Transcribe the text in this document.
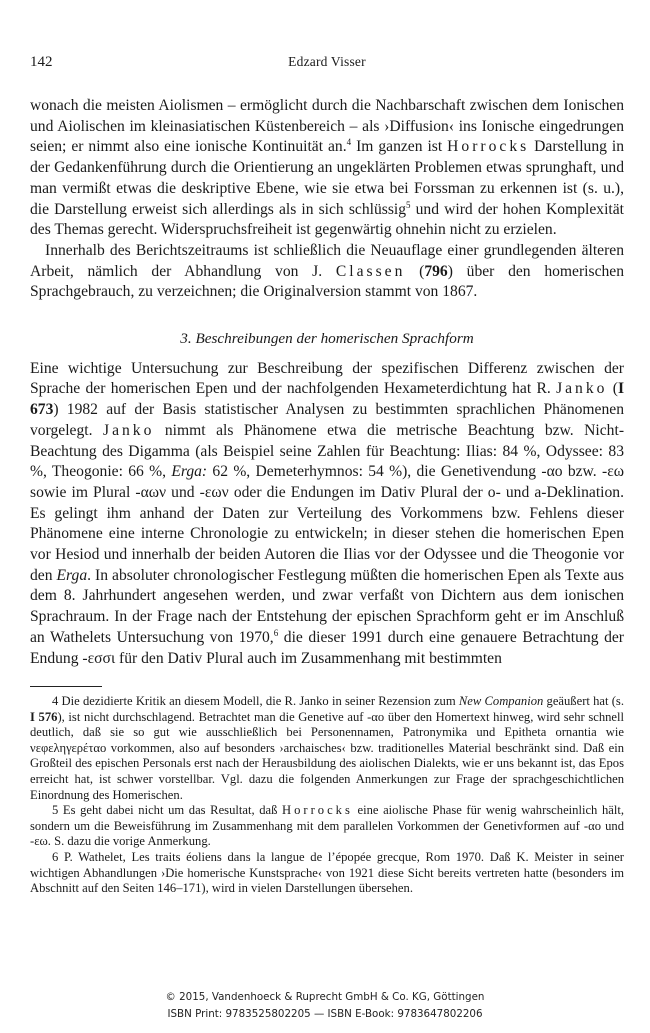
142	Edzard Visser

wonach die meisten Aiolismen – ermöglicht durch die Nachbarschaft zwischen dem Ionischen und Aiolischen im kleinasiatischen Küstenbereich – als ›Diffusion‹ ins Ionische eingedrungen seien; er nimmt also eine ionische Kontinuität an.$^4$ Im ganzen ist Horrocks Darstellung in der Gedankenführung durch die Orientierung an ungeklärten Problemen etwas sprunghaft, und man vermißt etwas die deskriptive Ebene, wie sie etwa bei Forssman zu erkennen ist (s. u.), die Darstellung erweist sich allerdings als in sich schlüssig$^5$ und wird der hohen Komplexität des Themas gerecht. Widerspruchsfreiheit ist gegenwärtig ohnehin nicht zu erzielen.

Innerhalb des Berichtszeitraums ist schließlich die Neuauflage einer grundlegenden älteren Arbeit, nämlich der Abhandlung von J. Classen (796) über den homerischen Sprachgebrauch, zu verzeichnen; die Originalversion stammt von 1867.

3. Beschreibungen der homerischen Sprachform

Eine wichtige Untersuchung zur Beschreibung der spezifischen Differenz zwischen der Sprache der homerischen Epen und der nachfolgenden Hexameterdichtung hat R. Janko (I 673) 1982 auf der Basis statistischer Analysen zu bestimmten sprachlichen Phänomenen vorgelegt. Janko nimmt als Phänomene etwa die metrische Beachtung bzw. Nicht-Beachtung des Digamma (als Beispiel seine Zahlen für Beachtung: Ilias: 84 %, Odyssee: 83 %, Theogonie: 66 %, Erga: 62 %, Demeterhymnos: 54 %), die Genetivendung -αο bzw. -εω sowie im Plural -αων und -εων oder die Endungen im Dativ Plural der o- und a-Deklination. Es gelingt ihm anhand der Daten zur Verteilung des Vorkommens bzw. Fehlens dieser Phänomene eine interne Chronologie zu entwickeln; in dieser stehen die homerischen Epen vor Hesiod und innerhalb der beiden Autoren die Ilias vor der Odyssee und die Theogonie vor den Erga. In absoluter chronologischer Festlegung müßten die homerischen Epen als Texte aus dem 8. Jahrhundert angesehen werden, und zwar verfaßt von Dichtern aus dem ionischen Sprachraum. In der Frage nach der Entstehung der epischen Sprachform geht er im Anschluß an Wathelets Untersuchung von 1970,$^6$ die dieser 1991 durch eine genauere Betrachtung der Endung -εσσι für den Dativ Plural auch im Zusammenhang mit bestimmten

4 Die dezidierte Kritik an diesem Modell, die R. Janko in seiner Rezension zum New Companion geäußert hat (s. I 576), ist nicht durchschlagend. Betrachtet man die Genetive auf -αο über den Homertext hinweg, wird sehr schnell deutlich, daß sie so gut wie ausschließlich bei Personennamen, Patronymika und Epitheta ornantia wie νεφεληγερέταο vorkommen, also auf besonders ›archaisches‹ bzw. traditionelles Material beschränkt sind. Daß ein Großteil des epischen Personals erst nach der Herausbildung des aiolischen Dialekts, wie er uns bekannt ist, das Epos erreicht hat, ist schwer vorstellbar. Vgl. dazu die folgenden Anmerkungen zur Frage der sprachgeschichtlichen Einordnung des Homerischen.

5 Es geht dabei nicht um das Resultat, daß Horrocks eine aiolische Phase für wenig wahrscheinlich hält, sondern um die Beweisführung im Zusammenhang mit dem parallelen Vorkommen der Genetivformen auf -αο und -εω. S. dazu die vorige Anmerkung.

6 P. Wathelet, Les traits éoliens dans la langue de l’épopée grecque, Rom 1970. Daß K. Meister in seiner wichtigen Abhandlungen ›Die homerische Kunstsprache‹ von 1921 diese Sicht bereits vertreten hatte (besonders im Abschnitt auf den Seiten 146–171), wird in vielen Darstellungen übersehen.

© 2015, Vandenhoeck & Ruprecht GmbH & Co. KG, Göttingen
ISBN Print: 9783525802205 — ISBN E-Book: 9783647802206
